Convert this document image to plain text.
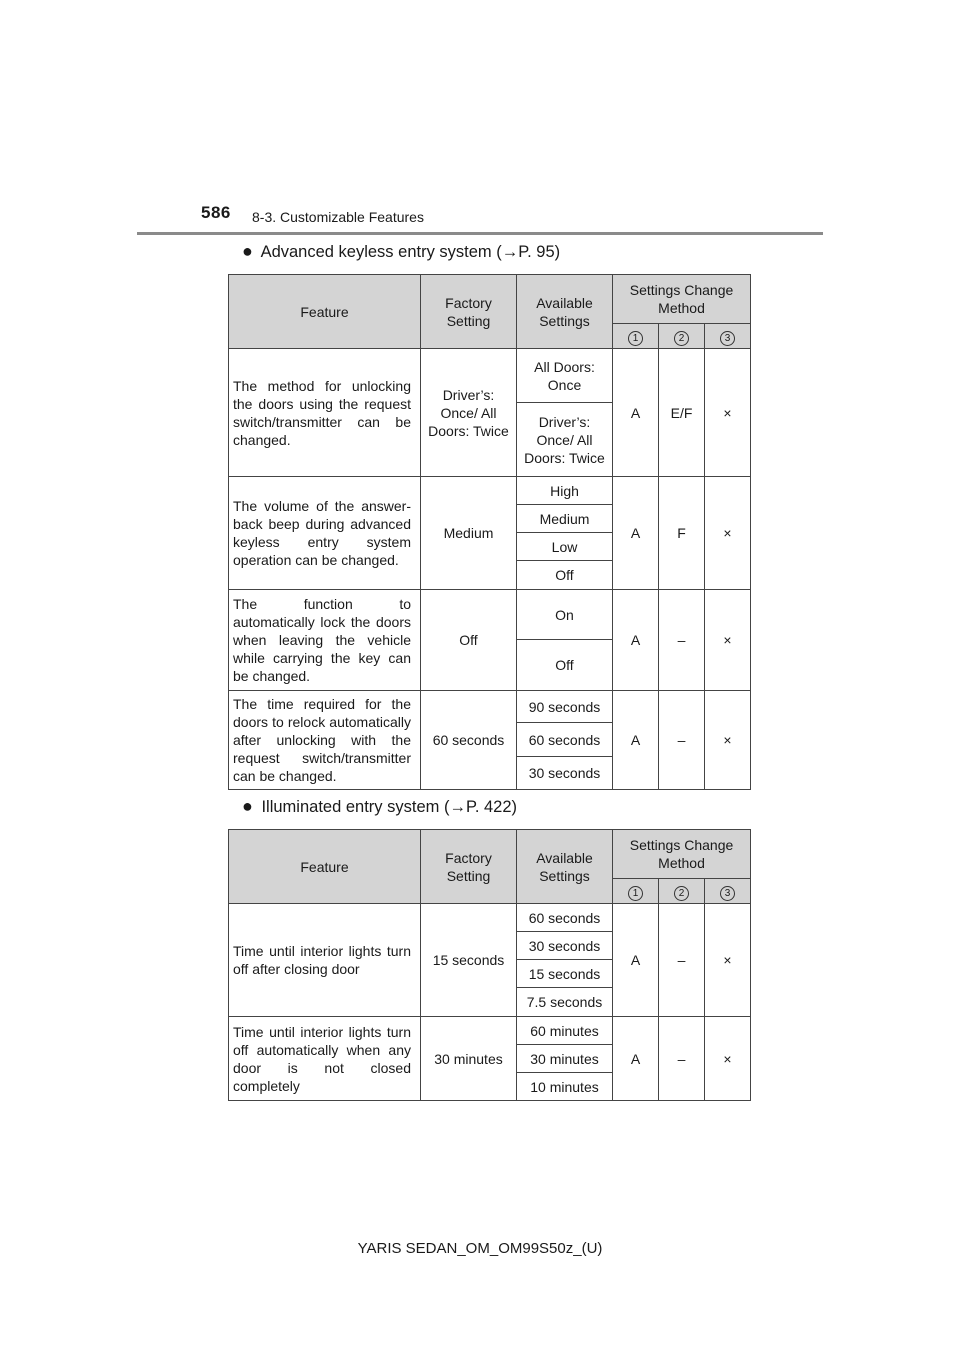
586 8-3. Customizable Features
● Advanced keyless entry system (→P. 95)
Feature	Factory Setting	Available Settings	Settings Change Method		
			1	2	3
The method for unlocking the doors using the request switch/transmitter can be changed.	Driver’s: Once/ All Doors: Twice	All Doors: Once	A	E/F	×
		Driver’s: Once/ All Doors: Twice			
The volume of the answer-back beep during advanced keyless entry system operation can be changed.	Medium	High	A	F	×
		Medium			
		Low			
		Off			
The function to automatically lock the doors when leaving the vehicle while carrying the key can be changed.	Off	On	A	–	×
		Off			
The time required for the doors to relock automatically after unlocking with the request switch/transmitter can be changed.	60 seconds	90 seconds	A	–	×
		60 seconds			
		30 seconds			
● Illuminated entry system (→P. 422)
Feature	Factory Setting	Available Settings	Settings Change Method		
			1	2	3
Time until interior lights turn off after closing door	15 seconds	60 seconds	A	–	×
		30 seconds			
		15 seconds			
		7.5 seconds			
Time until interior lights turn off automatically when any door is not closed completely	30 minutes	60 minutes	A	–	×
		30 minutes			
		10 minutes			
YARIS SEDAN_OM_OM99S50z_(U)
